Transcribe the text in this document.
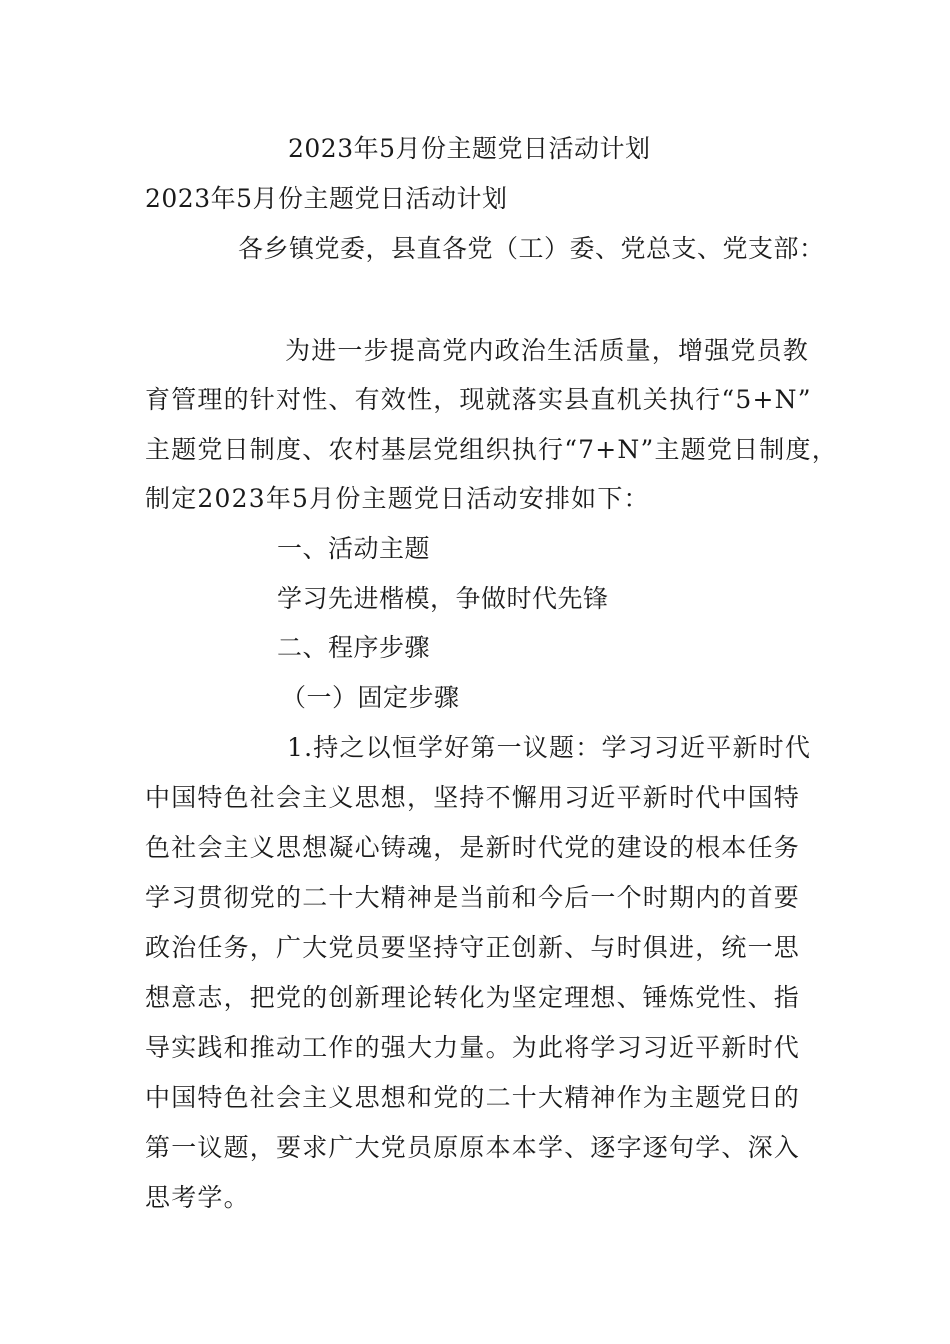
2023年5月份主题党日活动计划
2023年5月份主题党日活动计划
各乡镇党委，县直各党（工）委、党总支、党支部：
为进一步提高党内政治生活质量，增强党员教
育管理的针对性、有效性，现就落实县直机关执行“5+N”
主题党日制度、农村基层党组织执行“7+N”主题党日制度，
制定2023年5月份主题党日活动安排如下：
一、活动主题
学习先进楷模，争做时代先锋
二、程序步骤
（一）固定步骤
1.持之以恒学好第一议题：学习习近平新时代
中国特色社会主义思想，坚持不懈用习近平新时代中国特
色社会主义思想凝心铸魂，是新时代党的建设的根本任务
学习贯彻党的二十大精神是当前和今后一个时期内的首要
政治任务，广大党员要坚持守正创新、与时俱进，统一思
想意志，把党的创新理论转化为坚定理想、锤炼党性、指
导实践和推动工作的强大力量。为此将学习习近平新时代
中国特色社会主义思想和党的二十大精神作为主题党日的
第一议题，要求广大党员原原本本学、逐字逐句学、深入
思考学。
